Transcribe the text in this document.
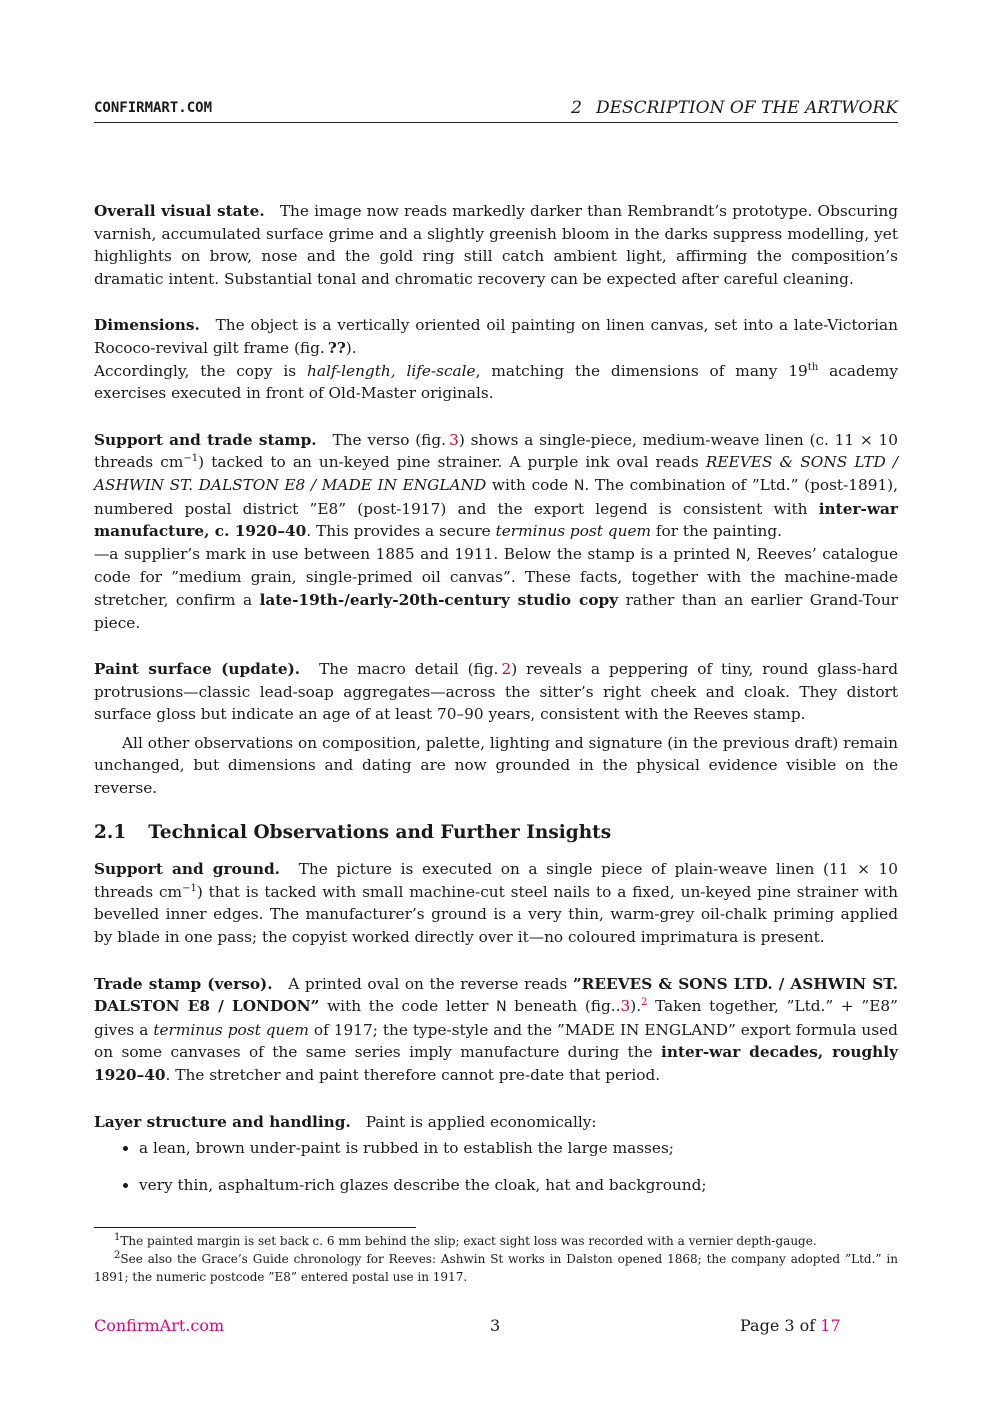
CONFIRMART.COM	2 DESCRIPTION OF THE ARTWORK

Overall visual state. The image now reads markedly darker than Rembrandt’s prototype. Obscuring varnish, accumulated surface grime and a slightly greenish bloom in the darks suppress modelling, yet highlights on brow, nose and the gold ring still catch ambient light, affirming the composition’s dramatic intent. Substantial tonal and chromatic recovery can be expected after careful cleaning.

Dimensions. The object is a vertically oriented oil painting on linen canvas, set into a late-Victorian Rococo-revival gilt frame (fig.  ??).
Accordingly, the copy is half-length, life-scale, matching the dimensions of many 19th academy exercises executed in front of Old-Master originals.

Support and trade stamp. The verso (fig.  3) shows a single-piece, medium-weave linen (c. 11 × 10 threads $cm^{-1}$) tacked to an un-keyed pine strainer. A purple ink oval reads REEVES & SONS LTD / ASHWIN ST. DALSTON E8 / MADE IN ENGLAND with code N. The combination of ”Ltd.” (post-1891), numbered postal district ”E8” (post-1917) and the export legend is consistent with inter-war manufacture, c. 1920–40. This provides a secure terminus post quem for the painting.
—a supplier’s mark in use between 1885 and 1911. Below the stamp is a printed N, Reeves’ catalogue code for ”medium grain, single-primed oil canvas”. These facts, together with the machine-made stretcher, confirm a late-19th-/early-20th-century studio copy rather than an earlier Grand-Tour piece.

Paint surface (update). The macro detail (fig.  2) reveals a peppering of tiny, round glass-hard protrusions—classic lead-soap aggregates—across the sitter’s right cheek and cloak. They distort surface gloss but indicate an age of at least 70–90 years, consistent with the Reeves stamp.

All other observations on composition, palette, lighting and signature (in the previous draft) remain unchanged, but dimensions and dating are now grounded in the physical evidence visible on the reverse.

2.1 Technical Observations and Further Insights

Support and ground. The picture is executed on a single piece of plain-weave linen (11 × 10 threads $cm^{-1}$) that is tacked with small machine-cut steel nails to a fixed, un-keyed pine strainer with bevelled inner edges. The manufacturer’s ground is a very thin, warm-grey oil-chalk priming applied by blade in one pass; the copyist worked directly over it—no coloured imprimatura is present.

Trade stamp (verso). A printed oval on the reverse reads ”REEVES & SONS LTD. / ASHWIN ST. DALSTON E8 / LONDON” with the code letter N beneath (fig..3).$^2$ Taken together, ”Ltd.” + ”E8” gives a terminus post quem of 1917; the type-style and the ”MADE IN ENGLAND” export formula used on some canvases of the same series imply manufacture during the inter-war decades, roughly 1920–40. The stretcher and paint therefore cannot pre-date that period.

Layer structure and handling. Paint is applied economically:

• a lean, brown under-paint is rubbed in to establish the large masses;
• very thin, asphaltum-rich glazes describe the cloak, hat and background;

$^1$The painted margin is set back c. 6 mm behind the slip; exact sight loss was recorded with a vernier depth-gauge.

$^2$See also the Grace’s Guide chronology for Reeves: Ashwin St works in Dalston opened 1868; the company adopted ”Ltd.” in 1891; the numeric postcode ”E8” entered postal use in 1917.

ConfirmArt.com	3	Page 3 of 17
